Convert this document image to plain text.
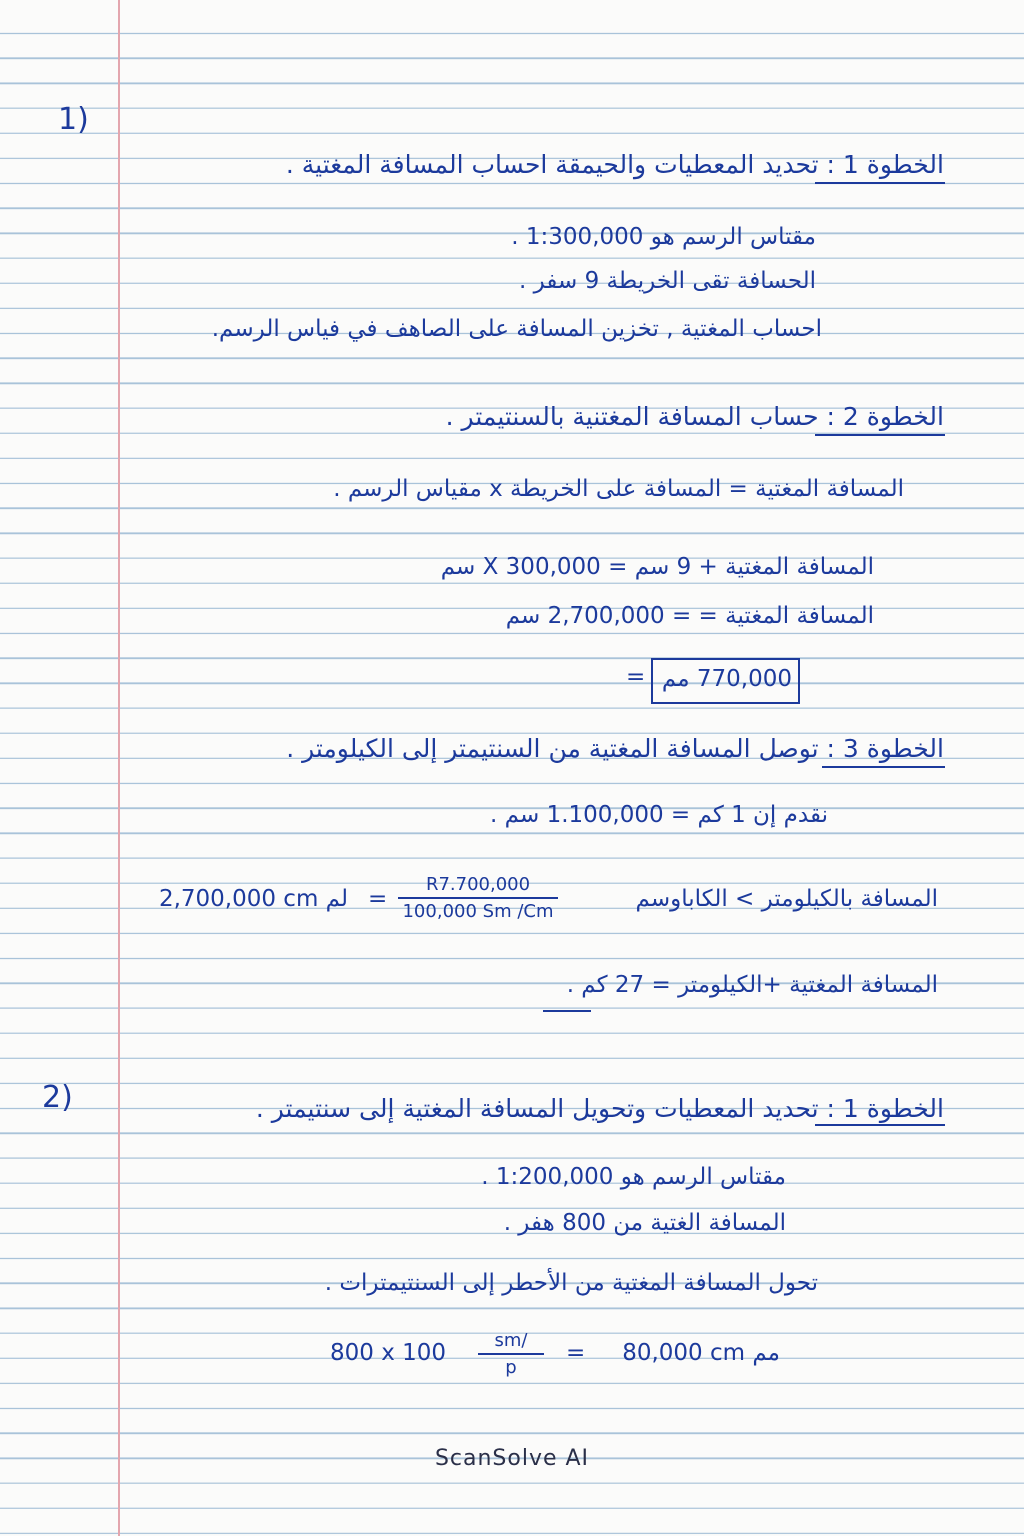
1)
الخطوة 1 : تحديد المعطيات والحيمقة احساب المسافة المغتية .
مقتاس الرسم هو 1:300,000 .
الحسافة تقى الخريطة 9 سفر .
احساب المغتية , تخزين المسافة على الصاهف في فياس الرسم.
الخطوة 2 : حساب المسافة المغتنية بالسنتيمتر .
المسافة المغتية = المسافة على الخريطة x مقياس الرسم .
المسافة المغتية + 9 سم = 300,000 X سم
المسافة المغتية = = 2,700,000 سم
= 770,000 مم
الخطوة 3 : توصل المسافة المغتية من السنتيمتر إلى الكيلومتر .
نقدم إن 1 كم = 1.100,000 سم .
المسافة بالكيلومتر > الكاباوسم
$\frac{R7.700,000}{100,000 Sm /Cm}$
=
2,700,000 cm لم
المسافة المغتية +الكيلومتر = 27 كم .
2)	الخطوة 1 : تحديد المعطيات وتحويل المسافة المغتية إلى سنتيمتر .
مقتاس الرسم هو 1:200,000 .
المسافة الغتية من 800 هفر .
تحول المسافة المغتية من الأحطر إلى السنتيمترات .
800 x $100 \frac{sm/}{p} = 80,000$ cm مم
ScanSolve AI
